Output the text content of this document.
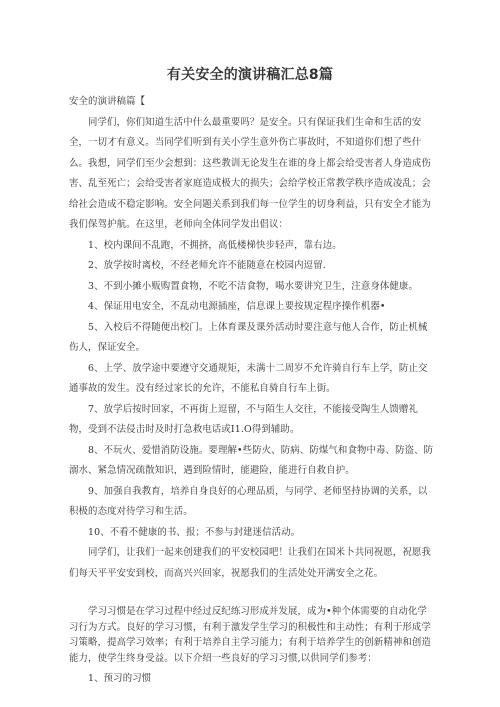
有关安全的演讲稿汇总8篇

安全的演讲稿篇【

同学们，你们知道生活中什么最重要吗？是安全。只有保证我们生命和生活的安全，一切才有意义。当同学们听到有关小学生意外伤亡事故时，不知道你们想了些什么。我想，同学们至少会想到：这些教训无论发生在谁的身上都会给受害者人身造成伤害、乱至死亡；会给受害者家庭造成极大的损失；会给学校正常教学秩序造成凌乱；会给社会造成不稳定影响。安全问题关系到我们每一位学生的切身利益，只有安全才能为我们保驾护航。在这里，老师向全体同学发出倡议：

1、校内课间不乱跑，不拥挤，高低楼梯快步轻声，靠右边。

2、放学按时离校，不经老师允许不能随意在校园内逗留.

3、不到小摊小贩购置食物，不吃不洁食物，喝水要讲究卫生，注意身体健康。

4、保证用电安全，不乱动电源插座，信息课上要按规定程序操作机器•

5、入校后不得随便出校门。上体育课及课外活动时要注意与他人合作，防止机械伤人，保证安全。

6、上学、放学途中要遵守交通规矩，未满十二周岁不允许骑自行车上学，防止交通事故的发生。没有经过家长的允许，不能私自骑自行车上街。

7、放学后按时回家，不再街上逗留，不与陌生人交往，不能接受陶生人馈赠礼物，受到不法侵击时及时打急救电话或I1.O得到辅助。

8、不玩火、爱惜消防设施。要理解•些防火、防病、防煤气和食物中毒、防盗、防溺水、紧急情况疏散知识，遇到险情时，能避险，能进行自救自护。

9、加强自我教育，培养自身良好的心理品质，与同学、老师坚持协调的关系，以积极的态度对待学习和生活。

10、不看不健康的书、报；不参与封建迷信活动。

同学们，让我们一起来创建我们的平安校园吧！让我们在国米卜共同祝愿，祝愿我们每天平平安安到校，而高兴兴回家，祝愿我们的生活处处开满安全之花。

学习习惯是在学习过程中经过反纪练习形成并发展，成为•种个体需要的自动化学习行为方式。良好的学习习惯，有利于激发学生学习的积极性和主动性；有利于形成学习策略，提高学习效率；有利于培养自主学习能力；有利于培养学生的创新精神和创造能力，使学生终身受益。以下介绍一些良好的学习习惯,以供同学们参考：

1、预习的习惯
